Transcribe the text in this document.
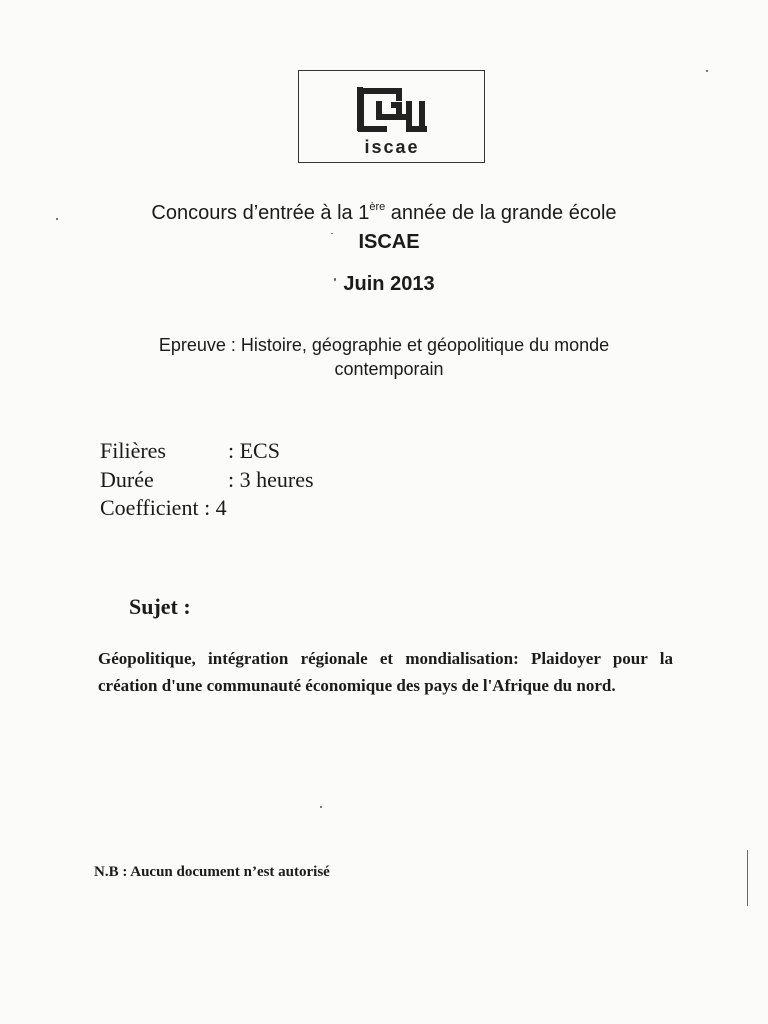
iscae
Concours d’entrée à la 1ère année de la grande école
ISCAE
Juin 2013
Epreuve : Histoire, géographie et géopolitique du monde
contemporain
Filières	: ECS
Durée	: 3 heures
Coefficient : 4
Sujet :
Géopolitique, intégration régionale et mondialisation: Plaidoyer pour la création d'une communauté économique des pays de l'Afrique du nord.
N.B : Aucun document n’est autorisé
